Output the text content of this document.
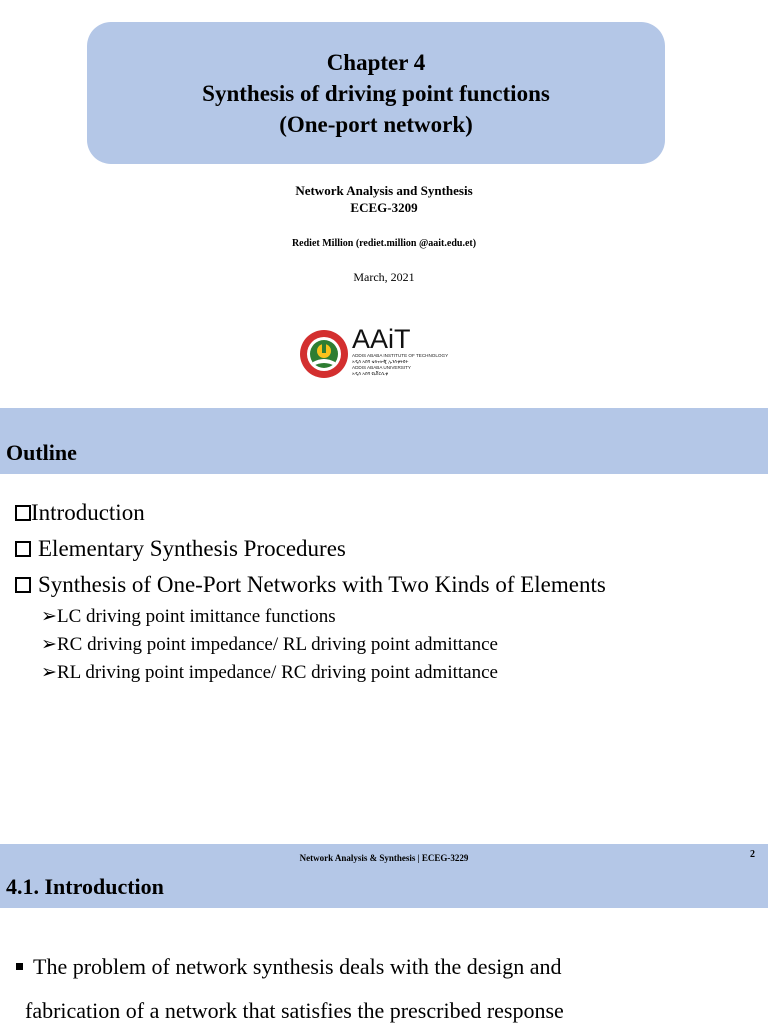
Chapter 4
Synthesis of driving point functions
(One-port network)
Network Analysis and Synthesis
ECEG-3209
Rediet Million (rediet.million @aait.edu.et)
March, 2021
AAiT
ADDIS ABABA INSTITUTE OF TECHNOLOGY
አዲስ አበባ ቴክኖሎጂ ኢንስቲትዩት
ADDIS ABABA UNIVERSITY
አዲስ አበባ ዩኒቨርሲቲ
Outline
Introduction
Elementary Synthesis Procedures
Synthesis of One-Port Networks with Two Kinds of Elements
➢LC driving point imittance functions
➢RC driving point impedance/ RL driving point admittance
➢RL driving point impedance/ RC driving point admittance
Network Analysis & Synthesis | ECEG-3229	2
4.1. Introduction
The problem of network synthesis deals with the design and
fabrication of a network that satisfies the prescribed response
